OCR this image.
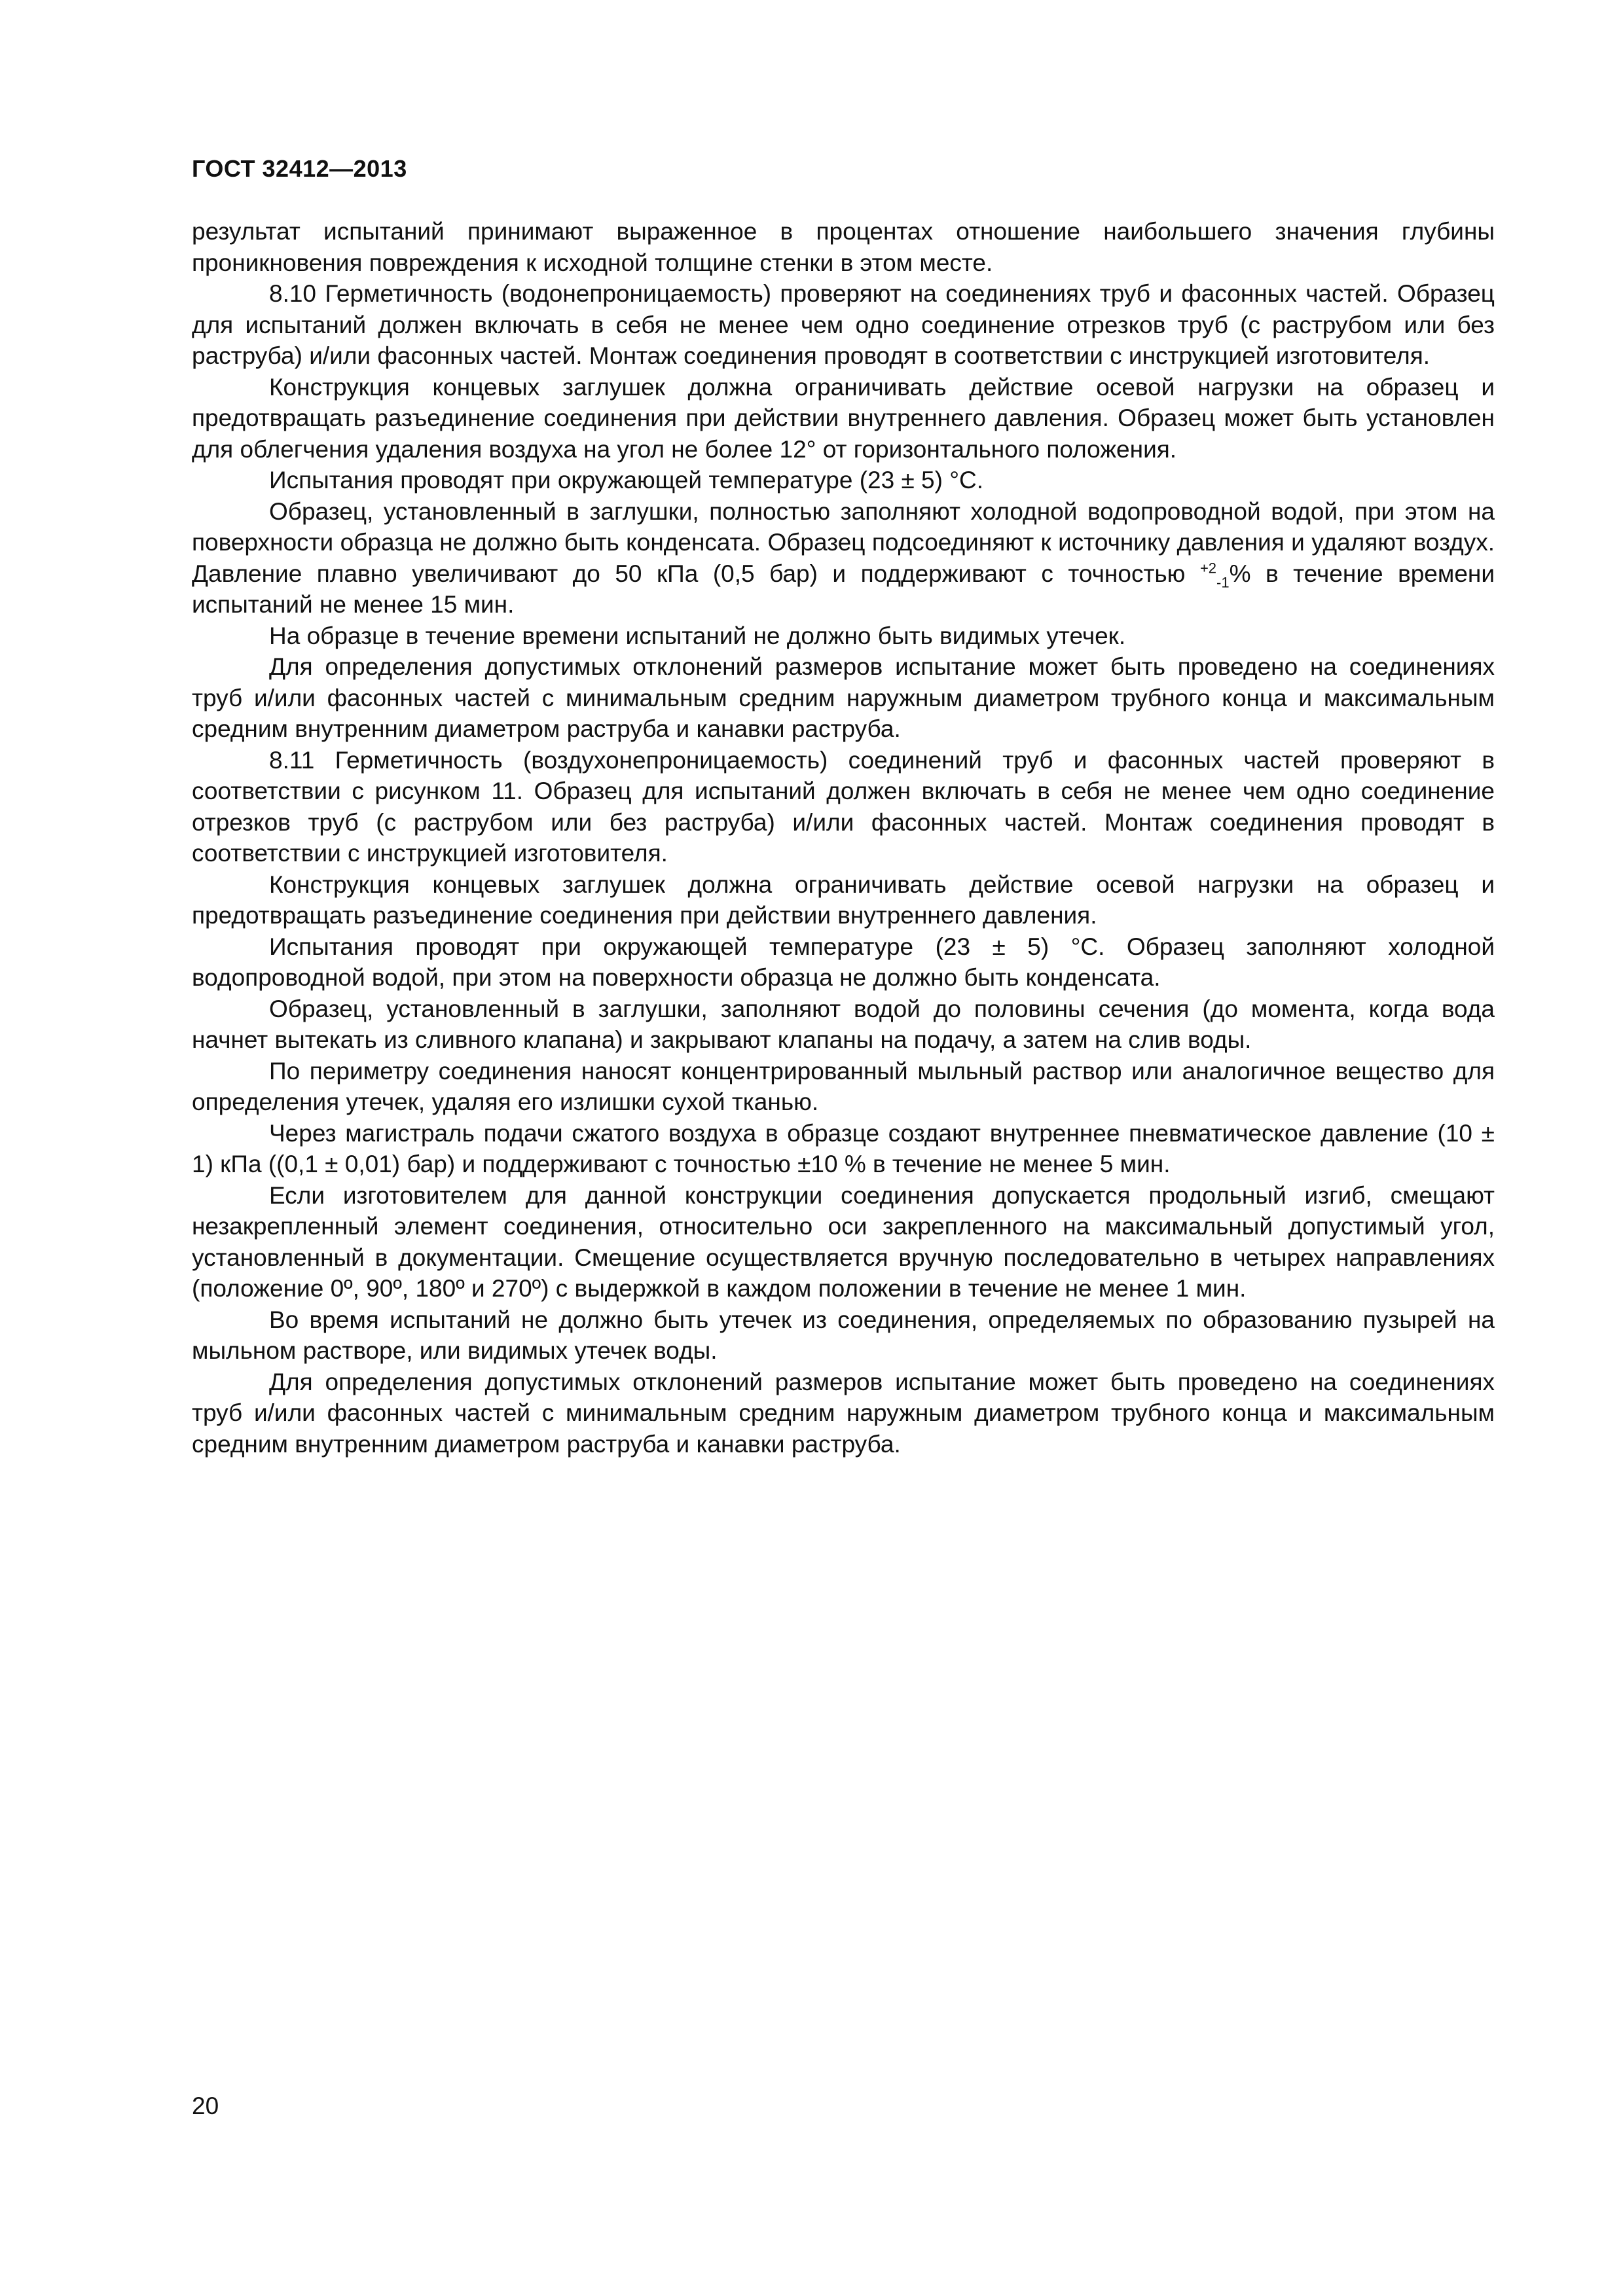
ГОСТ 32412—2013

результат испытаний принимают выраженное в процентах отношение наибольшего значения глубины проникновения повреждения к исходной толщине стенки в этом месте.

8.10 Герметичность (водонепроницаемость) проверяют на соединениях труб и фасонных частей. Образец для испытаний должен включать в себя не менее чем одно соединение отрезков труб (с раструбом или без раструба) и/или фасонных частей. Монтаж соединения проводят в соответствии с инструкцией изготовителя.

Конструкция концевых заглушек должна ограничивать действие осевой нагрузки на образец и предотвращать разъединение соединения при действии внутреннего давления. Образец может быть установлен для облегчения удаления воздуха на угол не более 12° от горизонтального положения.

Испытания проводят при окружающей температуре (23 ± 5) °С.

Образец, установленный в заглушки, полностью заполняют холодной водопроводной водой, при этом на поверхности образца не должно быть конденсата. Образец подсоединяют к источнику давления и удаляют воздух. Давление плавно увеличивают до 50 кПа (0,5 бар) и поддерживают с точностью $^{+2}_{-1}$% в течение времени испытаний не менее 15 мин.

На образце в течение времени испытаний не должно быть видимых утечек.

Для определения допустимых отклонений размеров испытание может быть проведено на соединениях труб и/или фасонных частей с минимальным средним наружным диаметром трубного конца и максимальным средним внутренним диаметром раструба и канавки раструба.

8.11 Герметичность (воздухонепроницаемость) соединений труб и фасонных частей проверяют в соответствии с рисунком 11. Образец для испытаний должен включать в себя не менее чем одно соединение отрезков труб (с раструбом или без раструба) и/или фасонных частей. Монтаж соединения проводят в соответствии с инструкцией изготовителя.

Конструкция концевых заглушек должна ограничивать действие осевой нагрузки на образец и предотвращать разъединение соединения при действии внутреннего давления.

Испытания проводят при окружающей температуре (23 ± 5) °С. Образец заполняют холодной водопроводной водой, при этом на поверхности образца не должно быть конденсата.

Образец, установленный в заглушки, заполняют водой до половины сечения (до момента, когда вода начнет вытекать из сливного клапана) и закрывают клапаны на подачу, а затем на слив воды.

По периметру соединения наносят концентрированный мыльный раствор или аналогичное вещество для определения утечек, удаляя его излишки сухой тканью.

Через магистраль подачи сжатого воздуха в образце создают внутреннее пневматическое давление (10 ± 1) кПа ((0,1 ± 0,01) бар) и поддерживают с точностью ±10 % в течение не менее 5 мин.

Если изготовителем для данной конструкции соединения допускается продольный изгиб, смещают незакрепленный элемент соединения, относительно оси закрепленного на максимальный допустимый угол, установленный в документации. Смещение осуществляется вручную последовательно в четырех направлениях (положение 0º, 90º, 180º и 270º) с выдержкой в каждом положении в течение не менее 1 мин.

Во время испытаний не должно быть утечек из соединения, определяемых по образованию пузырей на мыльном растворе, или видимых утечек воды.

Для определения допустимых отклонений размеров испытание может быть проведено на соединениях труб и/или фасонных частей с минимальным средним наружным диаметром трубного конца и максимальным средним внутренним диаметром раструба и канавки раструба.

20
